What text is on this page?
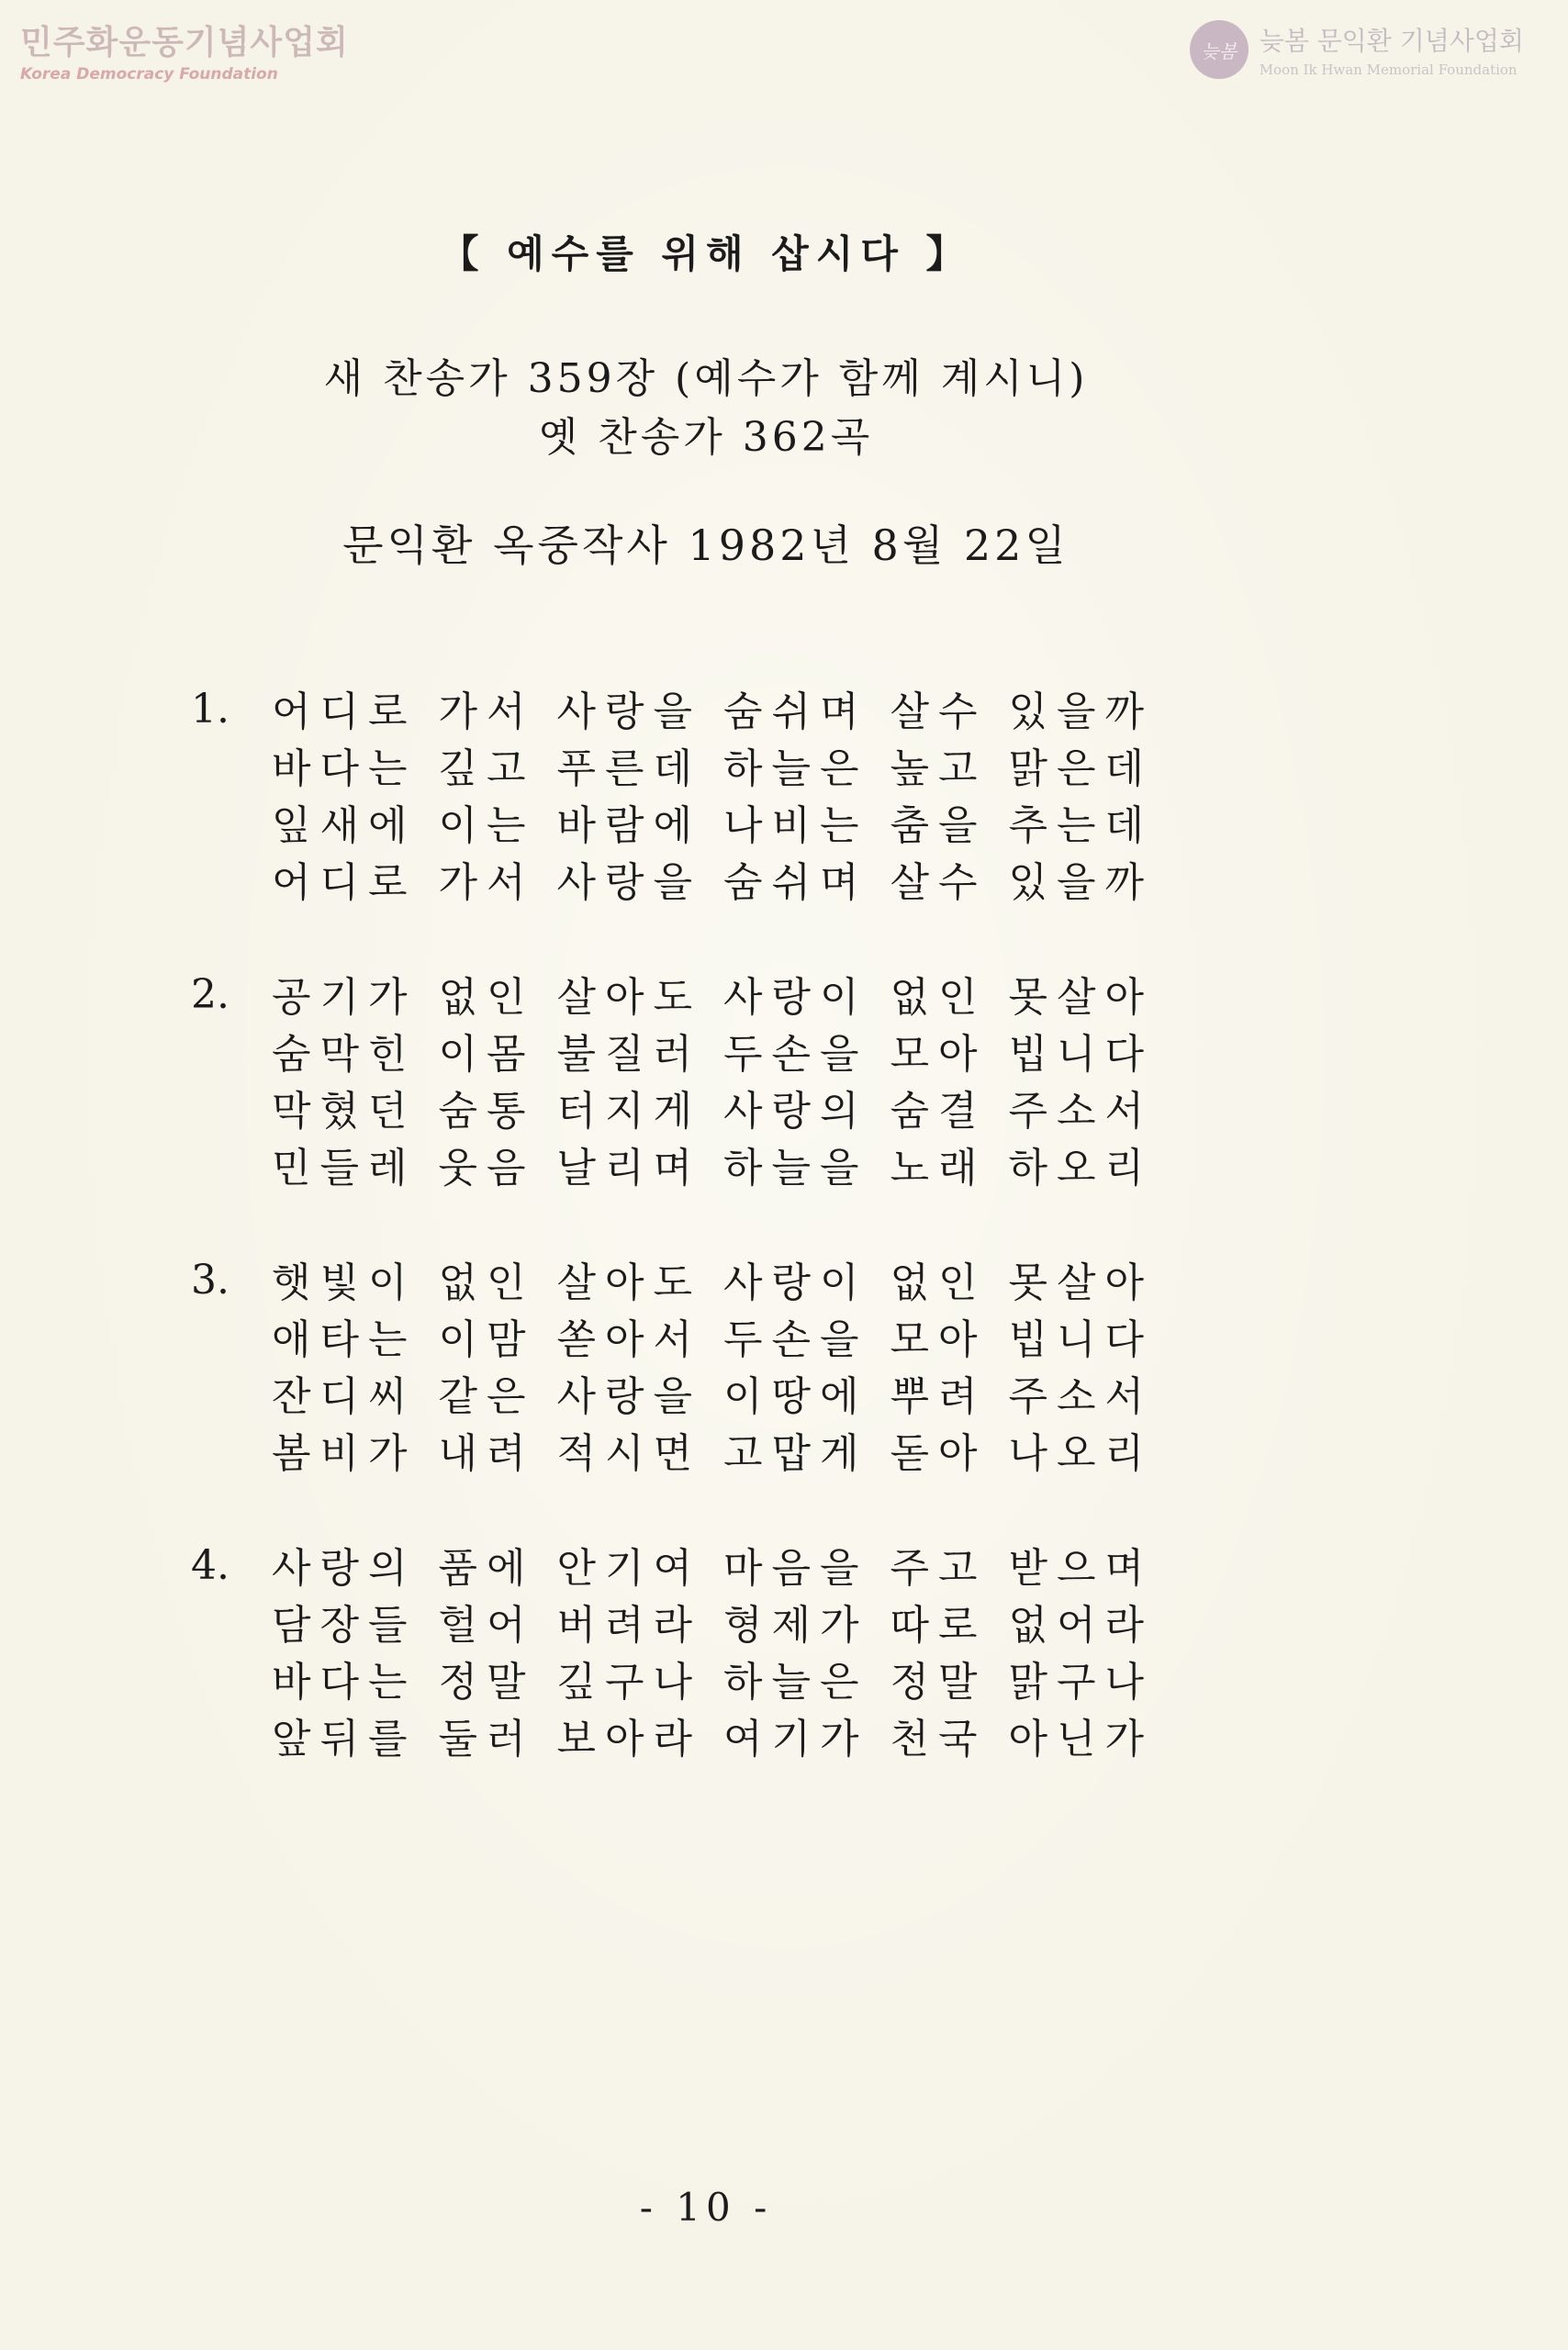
민주화운동기념사업회
Korea Democracy Foundation
늦봄 늦봄 문익환 기념사업회
Moon Ik Hwan Memorial Foundation
【 예수를 위해 삽시다 】
새 찬송가 359장 (예수가 함께 계시니)
옛 찬송가 362곡
문익환 옥중작사 1982년 8월 22일
1.	어디로 가서 사랑을 숨쉬며 살수 있을까
바다는 깊고 푸른데 하늘은 높고 맑은데
잎새에 이는 바람에 나비는 춤을 추는데
어디로 가서 사랑을 숨쉬며 살수 있을까
2.	공기가 없인 살아도 사랑이 없인 못살아
숨막힌 이몸 불질러 두손을 모아 빕니다
막혔던 숨통 터지게 사랑의 숨결 주소서
민들레 웃음 날리며 하늘을 노래 하오리
3.	햇빛이 없인 살아도 사랑이 없인 못살아
애타는 이맘 쏟아서 두손을 모아 빕니다
잔디씨 같은 사랑을 이땅에 뿌려 주소서
봄비가 내려 적시면 고맙게 돋아 나오리
4.	사랑의 품에 안기여 마음을 주고 받으며
담장들 헐어 버려라 형제가 따로 없어라
바다는 정말 깊구나 하늘은 정말 맑구나
앞뒤를 둘러 보아라 여기가 천국 아닌가
- 10 -
